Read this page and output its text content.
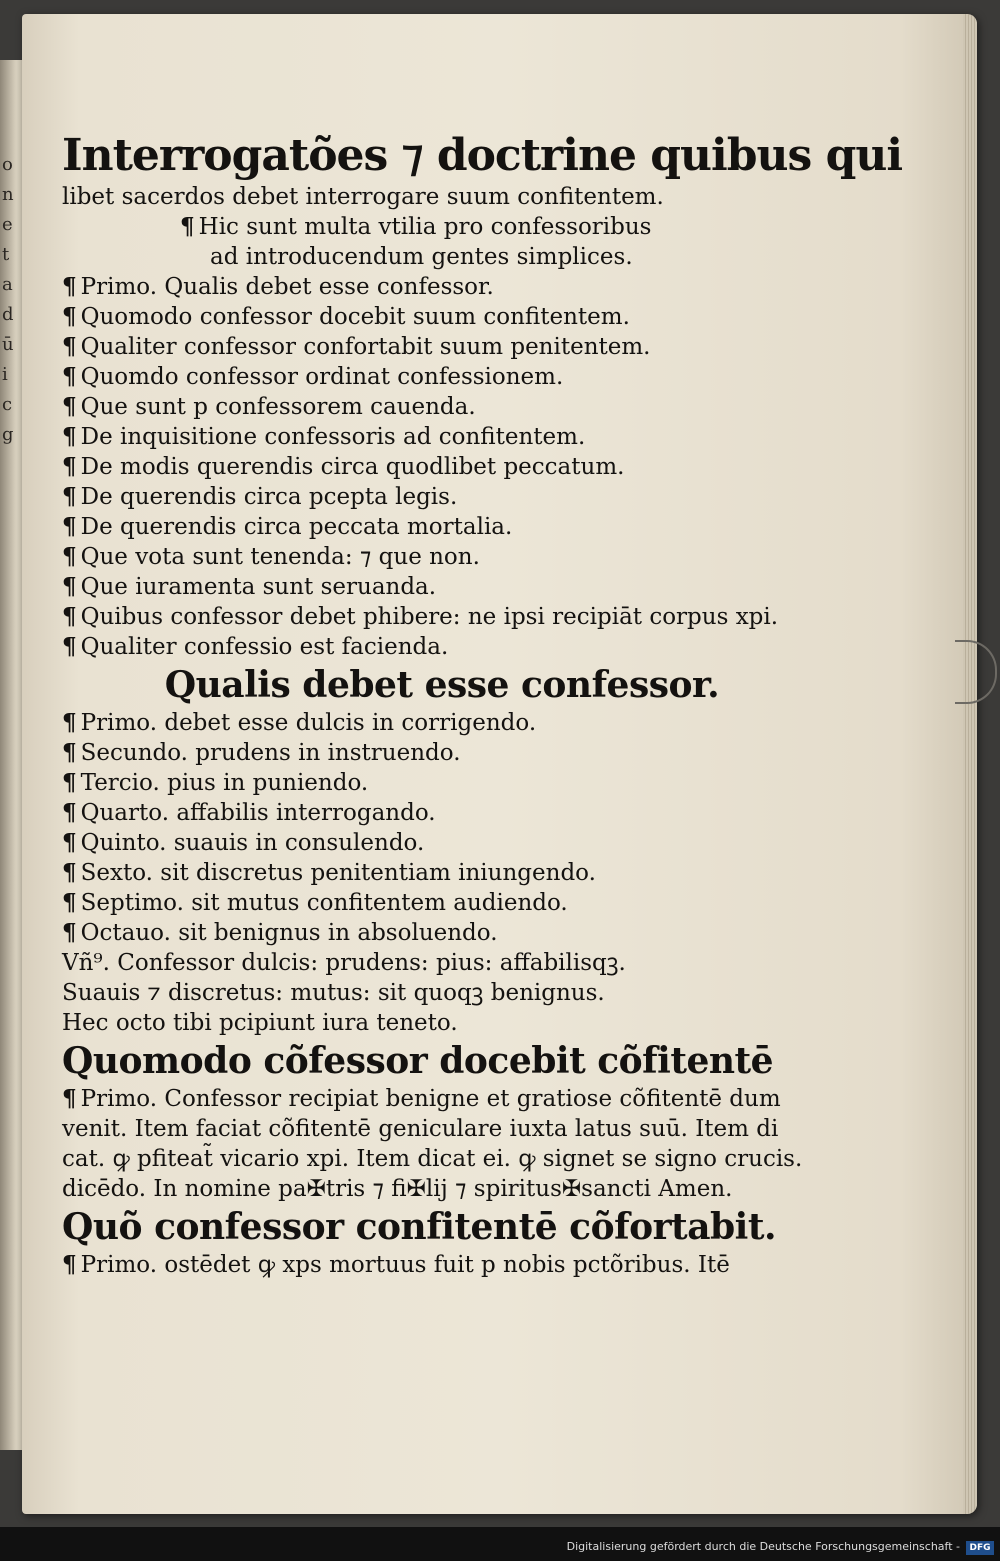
o
n
e
t
a
d
ū
i
c
g
Interrogatões ⁊ doctrine quibus qui
libet sacerdos debet interrogare suum confitentem.
¶ Hic sunt multa vtilia pro confessoribus
ad introducendum gentes simplices.
¶ Primo. Qualis debet esse confessor.
¶ Quomodo confessor docebit suum confitentem.
¶ Qualiter confessor confortabit suum penitentem.
¶ Quomdo confessor ordinat confessionem.
¶ Que sunt p confessorem cauenda.
¶ De inquisitione confessoris ad confitentem.
¶ De modis querendis circa quodlibet peccatum.
¶ De querendis circa pcepta legis.
¶ De querendis circa peccata mortalia.
¶ Que vota sunt tenenda: ⁊ que non.
¶ Que iuramenta sunt seruanda.
¶ Quibus confessor debet phibere: ne ipsi recipiāt corpus xpi.
¶ Qualiter confessio est facienda.
Qualis debet esse confessor.
¶ Primo. debet esse dulcis in corrigendo.
¶ Secundo. prudens in instruendo.
¶ Tercio. pius in puniendo.
¶ Quarto. affabilis interrogando.
¶ Quinto. suauis in consulendo.
¶ Sexto. sit discretus penitentiam iniungendo.
¶ Septimo. sit mutus confitentem audiendo.
¶ Octauo. sit benignus in absoluendo.
Vñ⁹. Confessor dulcis: prudens: pius: affabilisqꝫ.
Suauis ⁊ discretus: mutus: sit quoqꝫ benignus.
Hec octo tibi pcipiunt iura teneto.
Quomodo cõfessor docebit cõfitentē
¶ Primo. Confessor recipiat benigne et gratiose cõfitentē dum
venit. Item faciat cõfitentē geniculare iuxta latus suū. Item di
cat. ꝙ pfiteat̃ vicario xpi. Item dicat ei. ꝙ signet se signo crucis.
dicēdo. In nomine pa✠tris ⁊ fi✠lij ⁊ spiritus✠sancti Amen.
Quõ confessor confitentē cõfortabit.
¶ Primo. ostēdet ꝙ xps mortuus fuit p nobis pctõribus. Itē
Digitalisierung gefördert durch die Deutsche Forschungsgemeinschaft -	DFG
